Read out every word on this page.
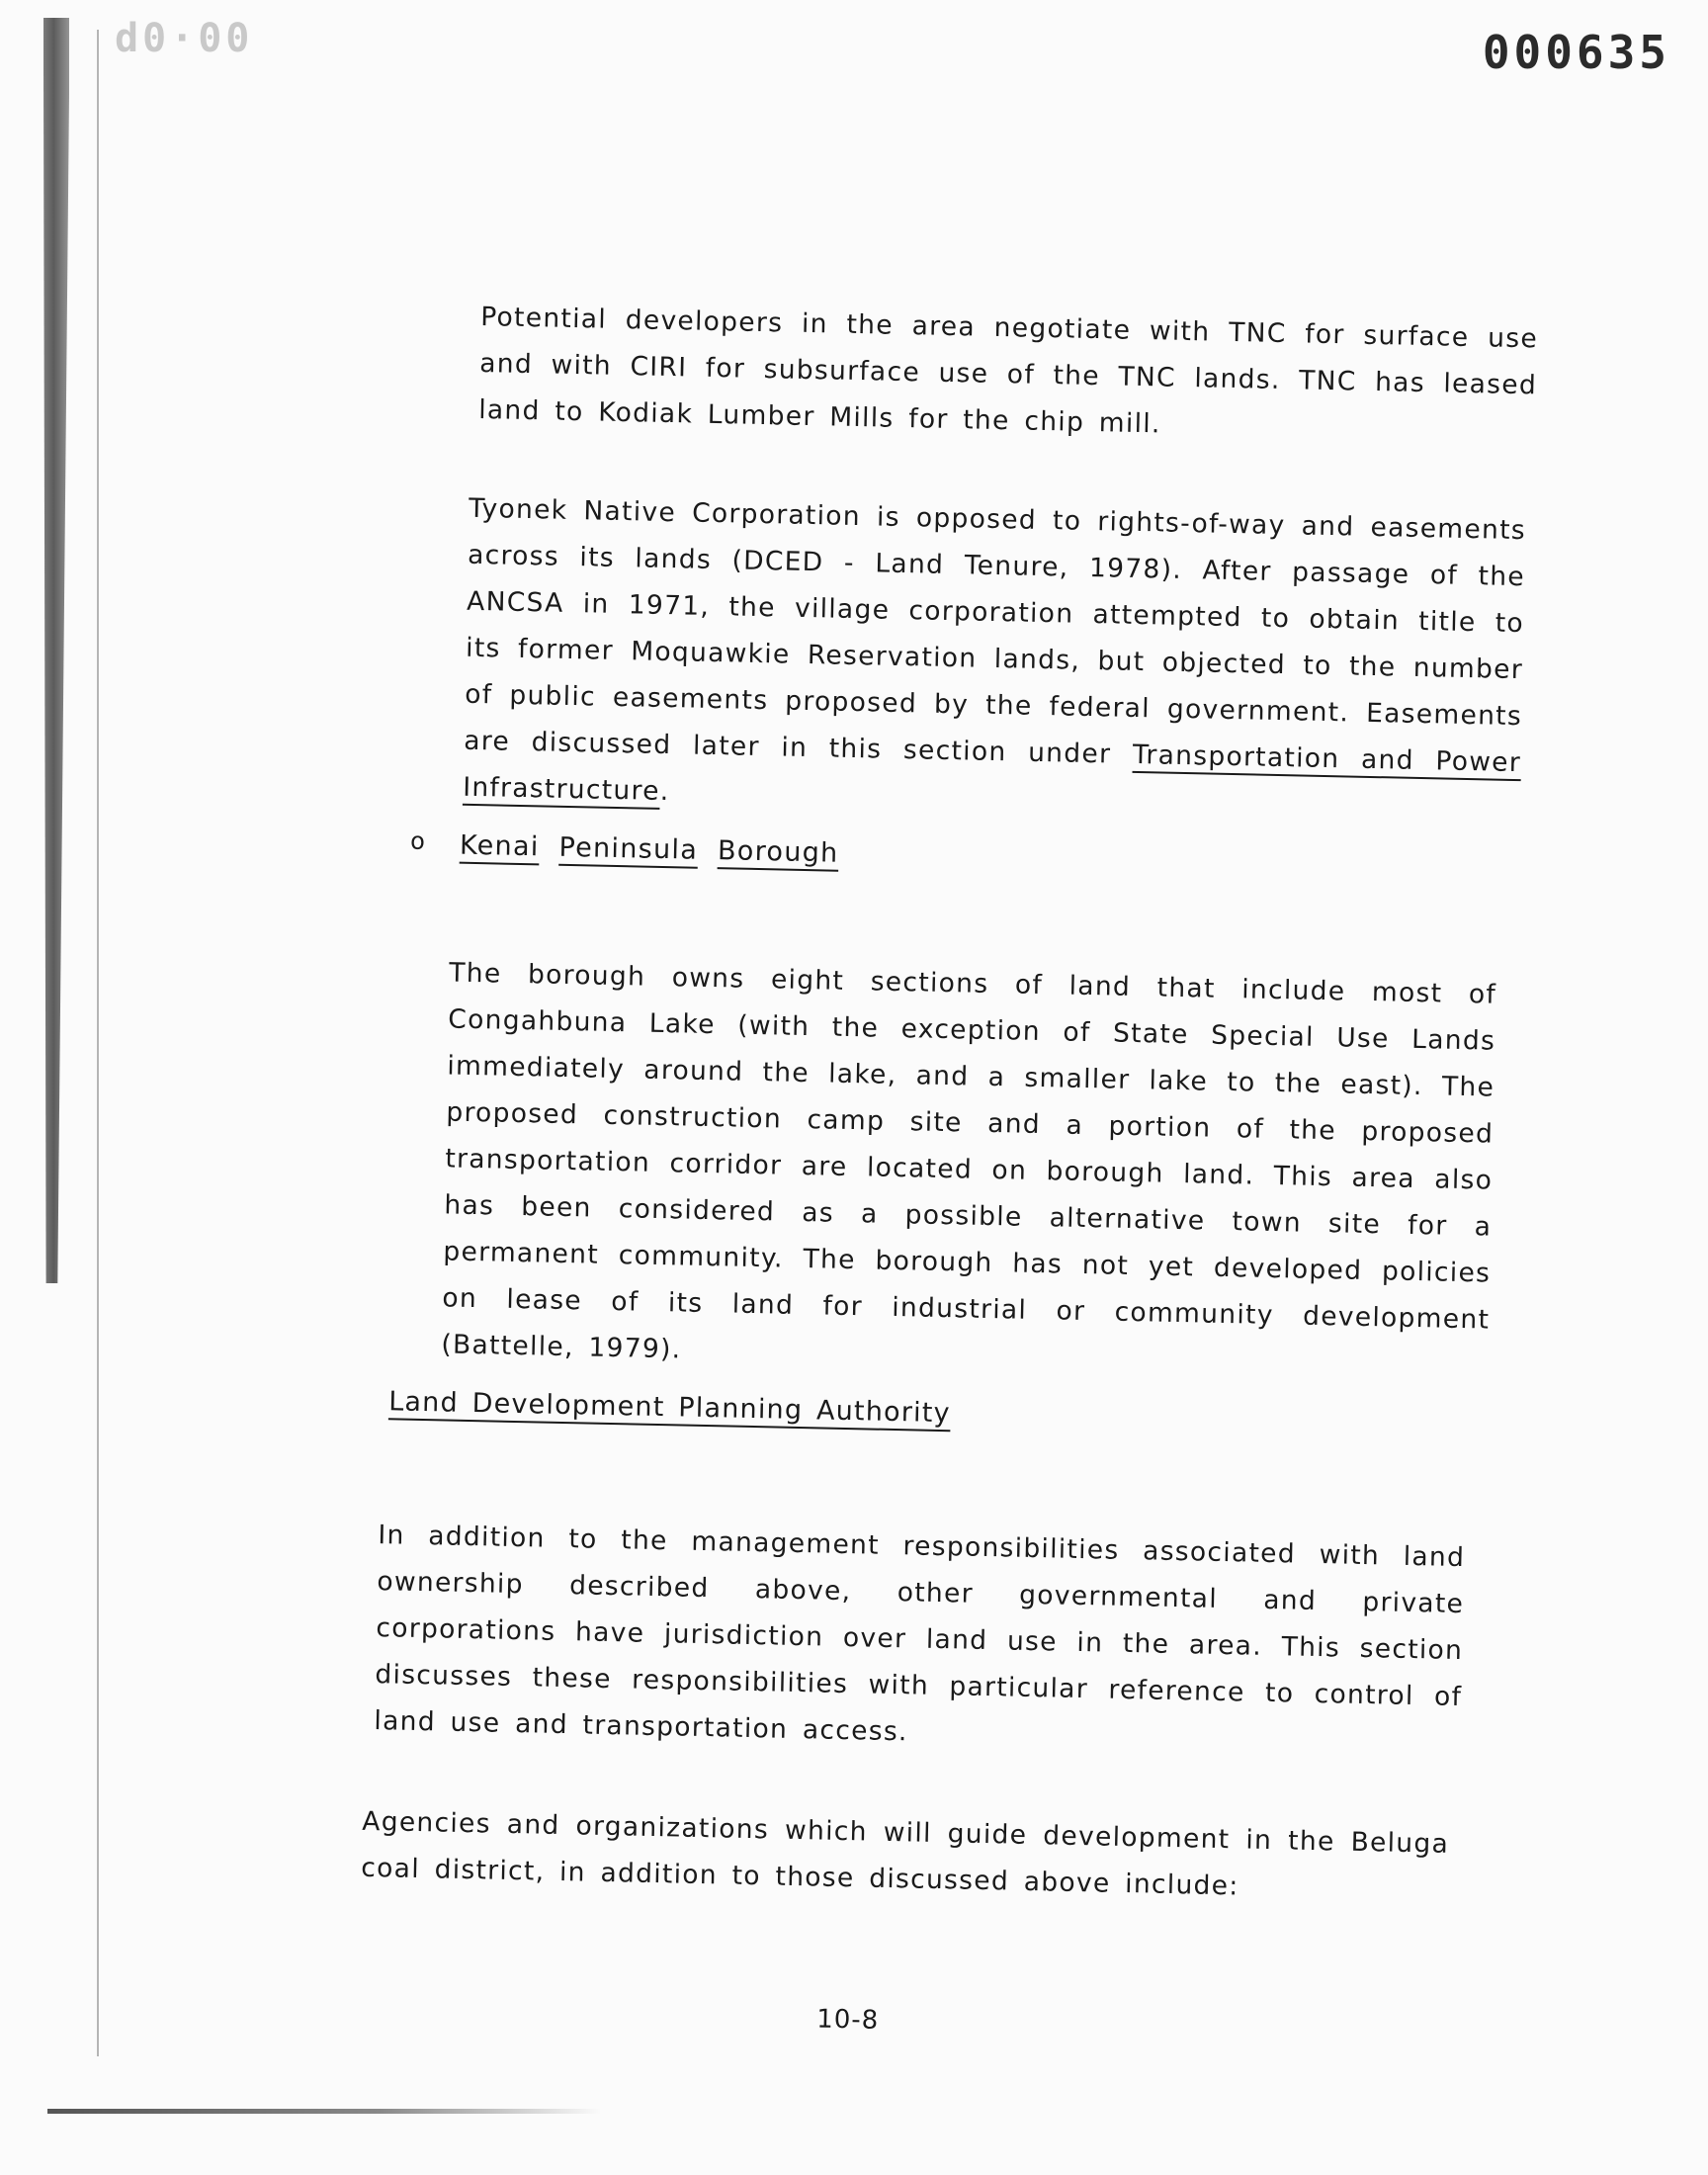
00·0b	000635

Potential developers in the area negotiate with TNC for surface use and with CIRI for subsurface use of the TNC lands. TNC has leased land to Kodiak Lumber Mills for the chip mill.

Tyonek Native Corporation is opposed to rights-of-way and easements across its lands (DCED - Land Tenure, 1978). After passage of the ANCSA in 1971, the village corporation attempted to obtain title to its former Moquawkie Reservation lands, but objected to the number of public easements proposed by the federal government. Easements are discussed later in this section under Transportation and Power Infrastructure.

o Kenai Peninsula Borough

The borough owns eight sections of land that include most of Congahbuna Lake (with the exception of State Special Use Lands immediately around the lake, and a smaller lake to the east). The proposed construction camp site and a portion of the proposed transportation corridor are located on borough land. This area also has been considered as a possible alternative town site for a permanent community. The borough has not yet developed policies on lease of its land for industrial or community development (Battelle, 1979).

Land Development Planning Authority

In addition to the management responsibilities associated with land ownership described above, other governmental and private corporations have jurisdiction over land use in the area. This section discusses these responsibilities with particular reference to control of land use and transportation access.

Agencies and organizations which will guide development in the Beluga coal district, in addition to those discussed above include:

10-8
